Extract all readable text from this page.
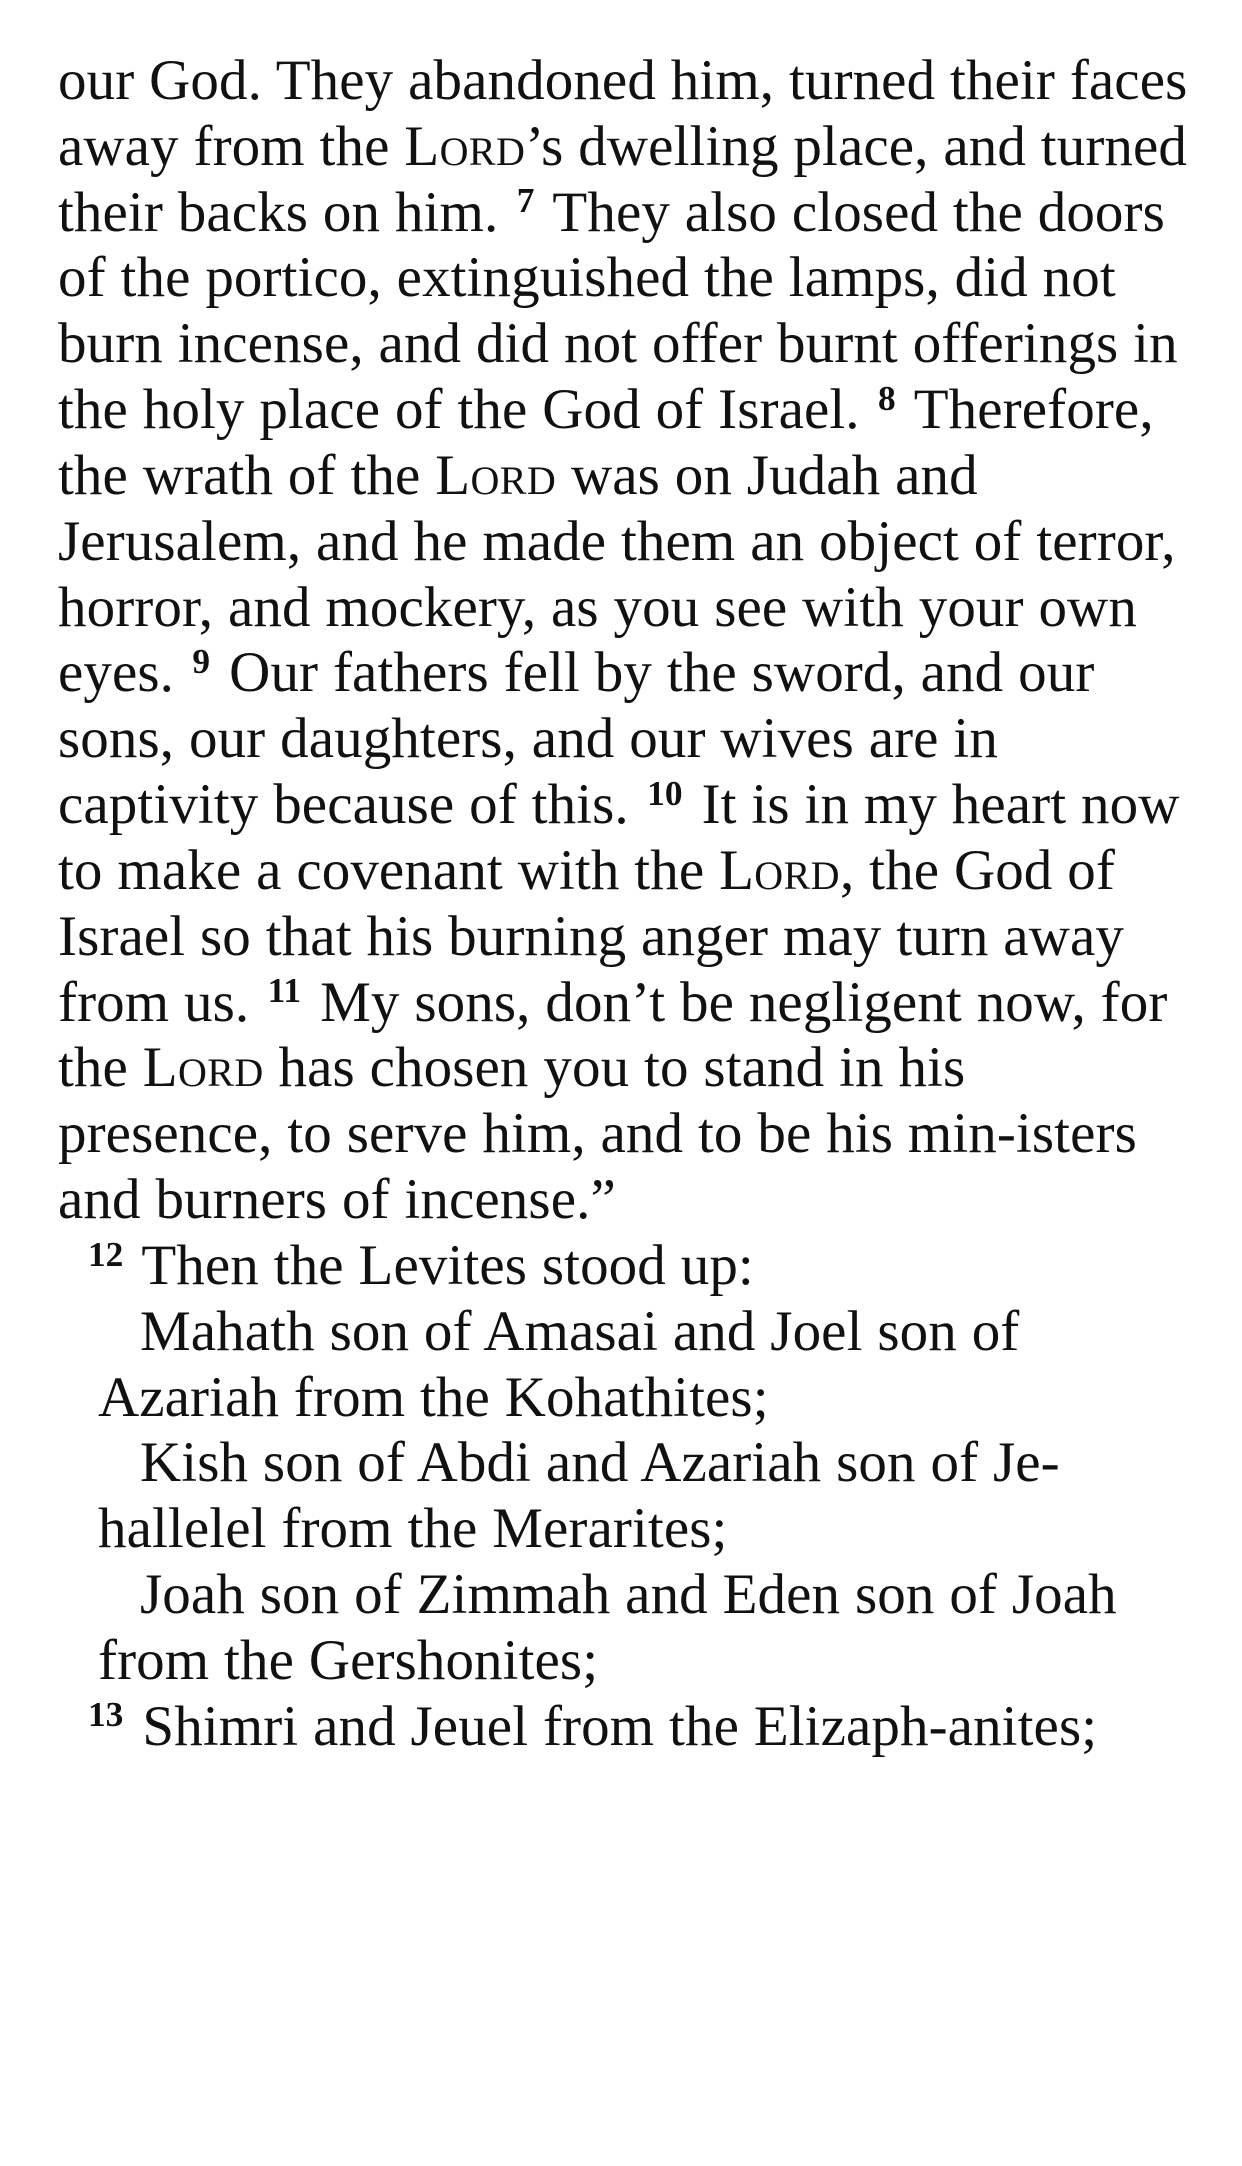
our God. They abandoned him, turned their faces away from the Lord’s dwelling place, and turned their backs on him. $^7$ They also closed the doors of the portico, extinguished the lamps, did not burn incense, and did not offer burnt offerings in the holy place of the God of Israel. $^8$ Therefore, the wrath of the Lord was on Judah and Jerusalem, and he made them an object of terror, horror, and mockery, as you see with your own eyes. $^9$ Our fathers fell by the sword, and our sons, our daughters, and our wives are in captivity because of this. $^{10}$ It is in my heart now to make a covenant with the Lord, the God of Israel so that his burning anger may turn away from us. $^{11}$ My sons, don’t be negligent now, for the Lord has chosen you to stand in his presence, to serve him, and to be his min-isters and burners of incense.”

$^{12}$ Then the Levites stood up:

Mahath son of Amasai and Joel son of Azariah from the Kohathites;

Kish son of Abdi and Azariah son of Je-hallelel from the Merarites;

Joah son of Zimmah and Eden son of Joah from the Gershonites;

$^{13}$ Shimri and Jeuel from the Elizaph-anites;
